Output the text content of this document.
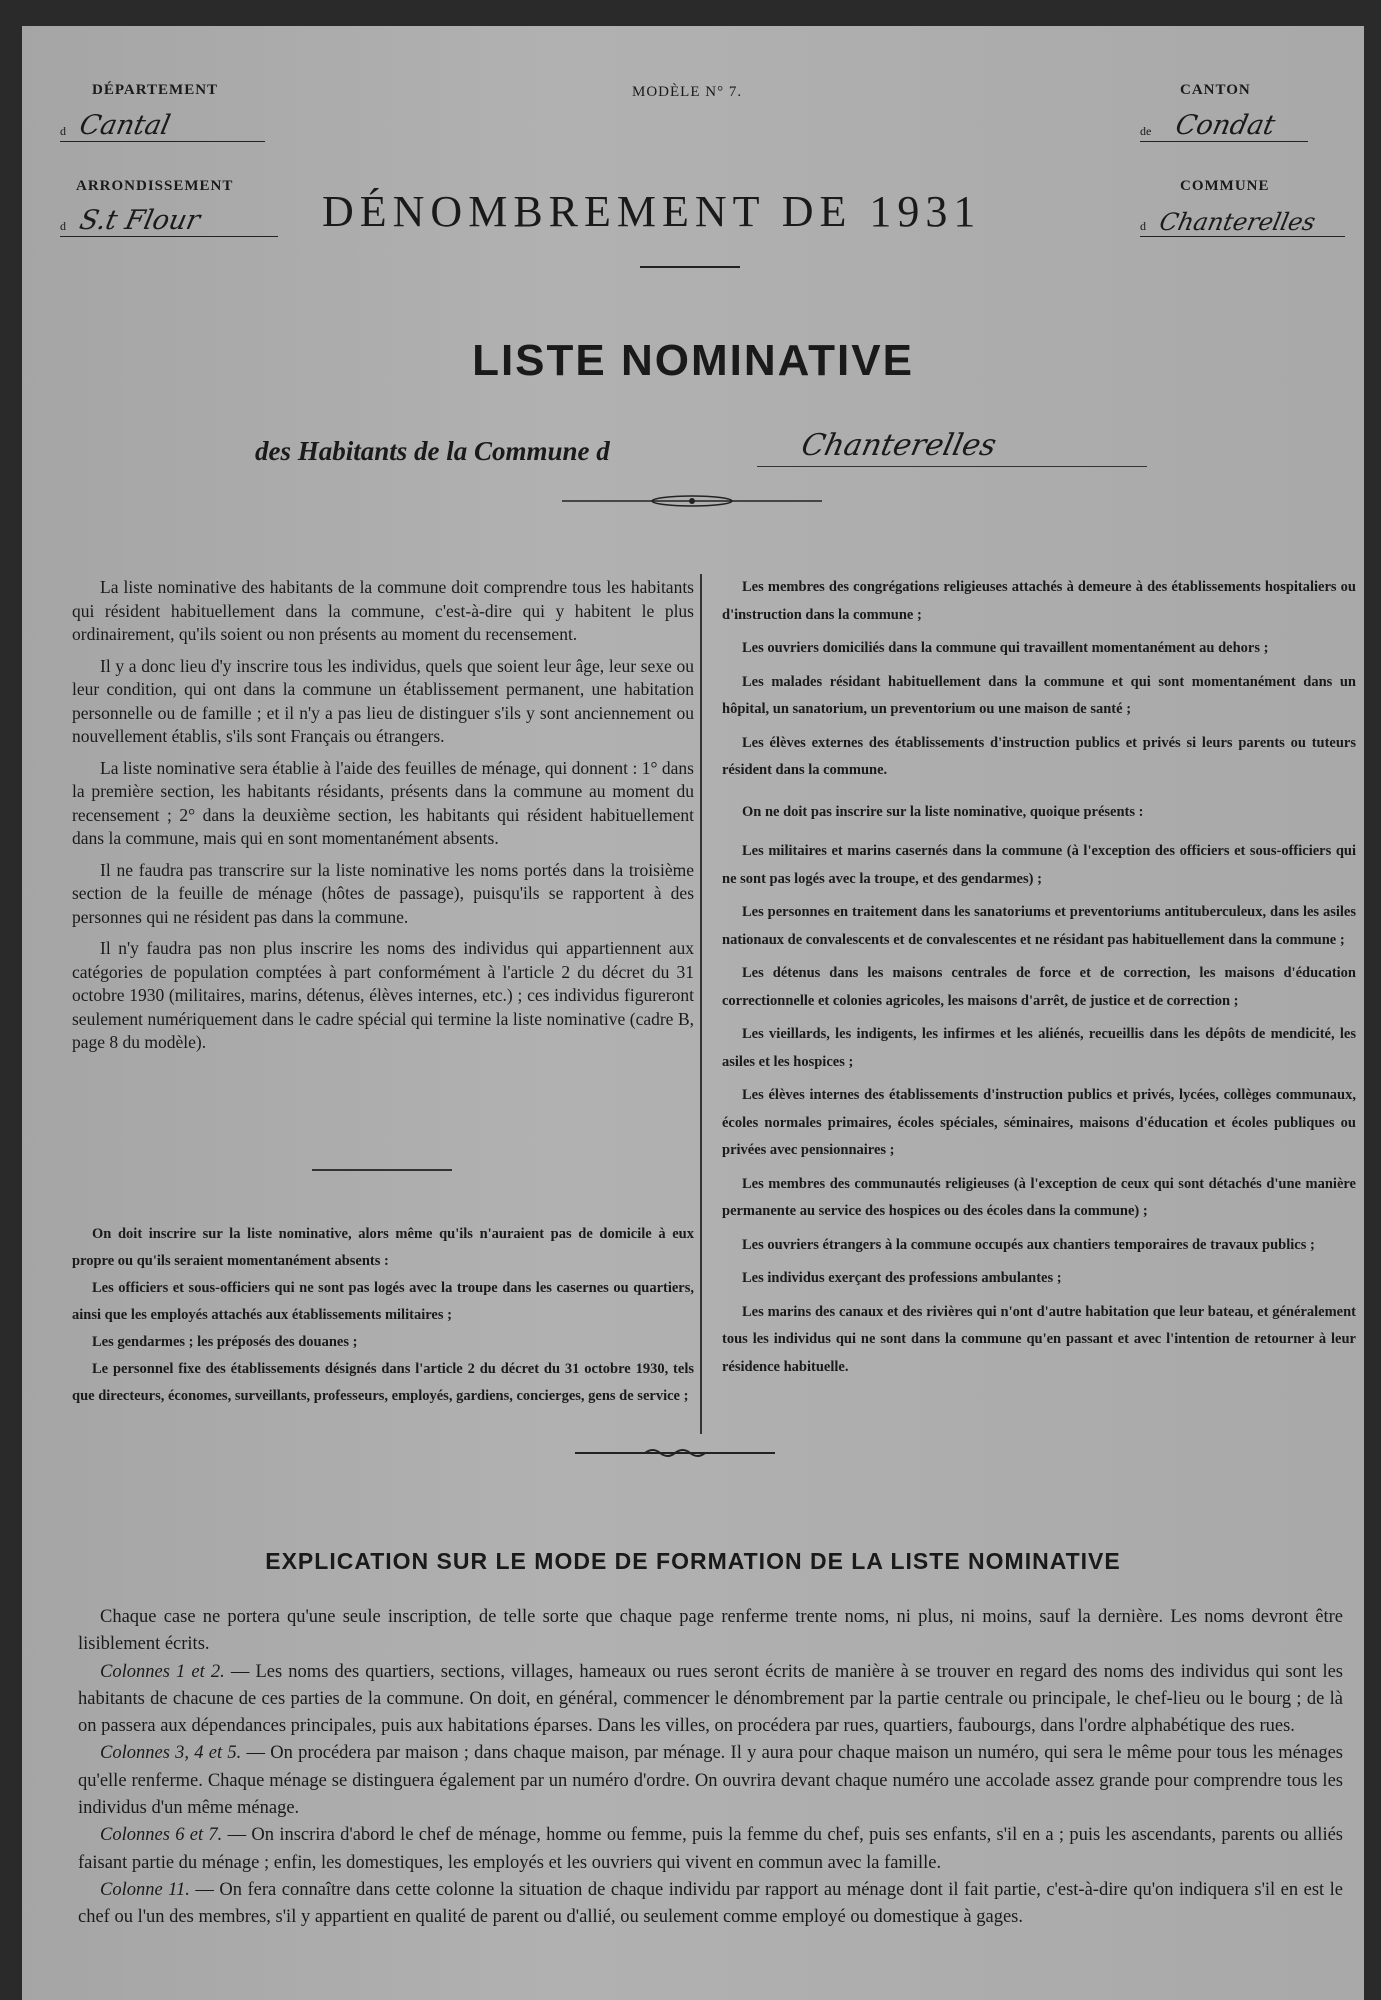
DÉPARTEMENT
d Cantal
ARRONDISSEMENT
d S.t Flour
MODÈLE N° 7.	CANTON
de Condat
COMMUNE
d Chanterelles
DÉNOMBREMENT DE 1931
LISTE NOMINATIVE
des Habitants de la Commune d	Chanterelles

La liste nominative des habitants de la commune doit comprendre tous les habitants qui résident habituellement dans la commune, c'est-à-dire qui y habitent le plus ordinairement, qu'ils soient ou non présents au moment du recensement.

Il y a donc lieu d'y inscrire tous les individus, quels que soient leur âge, leur sexe ou leur condition, qui ont dans la commune un établissement permanent, une habitation personnelle ou de famille ; et il n'y a pas lieu de distinguer s'ils y sont anciennement ou nouvellement établis, s'ils sont Français ou étrangers.

La liste nominative sera établie à l'aide des feuilles de ménage, qui donnent : 1° dans la première section, les habitants résidants, présents dans la commune au moment du recensement ; 2° dans la deuxième section, les habitants qui résident habituellement dans la commune, mais qui en sont momentanément absents.

Il ne faudra pas transcrire sur la liste nominative les noms portés dans la troisième section de la feuille de ménage (hôtes de passage), puisqu'ils se rapportent à des personnes qui ne résident pas dans la commune.

Il n'y faudra pas non plus inscrire les noms des individus qui appartiennent aux catégories de population comptées à part conformément à l'article 2 du décret du 31 octobre 1930 (militaires, marins, détenus, élèves internes, etc.) ; ces individus figureront seulement numériquement dans le cadre spécial qui termine la liste nominative (cadre B, page 8 du modèle).

On doit inscrire sur la liste nominative, alors même qu'ils n'auraient pas de domicile à eux propre ou qu'ils seraient momentanément absents :

Les officiers et sous-officiers qui ne sont pas logés avec la troupe dans les casernes ou quartiers, ainsi que les employés attachés aux établissements militaires ;

Les gendarmes ; les préposés des douanes ;

Le personnel fixe des établissements désignés dans l'article 2 du décret du 31 octobre 1930, tels que directeurs, économes, surveillants, professeurs, employés, gardiens, concierges, gens de service ;

Les membres des congrégations religieuses attachés à demeure à des établissements hospitaliers ou d'instruction dans la commune ;

Les ouvriers domiciliés dans la commune qui travaillent momentanément au dehors ;

Les malades résidant habituellement dans la commune et qui sont momentanément dans un hôpital, un sanatorium, un preventorium ou une maison de santé ;

Les élèves externes des établissements d'instruction publics et privés si leurs parents ou tuteurs résident dans la commune.

On ne doit pas inscrire sur la liste nominative, quoique présents :

Les militaires et marins casernés dans la commune (à l'exception des officiers et sous-officiers qui ne sont pas logés avec la troupe, et des gendarmes) ;

Les personnes en traitement dans les sanatoriums et preventoriums antituberculeux, dans les asiles nationaux de convalescents et de convalescentes et ne résidant pas habituellement dans la commune ;

Les détenus dans les maisons centrales de force et de correction, les maisons d'éducation correctionnelle et colonies agricoles, les maisons d'arrêt, de justice et de correction ;

Les vieillards, les indigents, les infirmes et les aliénés, recueillis dans les dépôts de mendicité, les asiles et les hospices ;

Les élèves internes des établissements d'instruction publics et privés, lycées, collèges communaux, écoles normales primaires, écoles spéciales, séminaires, maisons d'éducation et écoles publiques ou privées avec pensionnaires ;

Les membres des communautés religieuses (à l'exception de ceux qui sont détachés d'une manière permanente au service des hospices ou des écoles dans la commune) ;

Les ouvriers étrangers à la commune occupés aux chantiers temporaires de travaux publics ;

Les individus exerçant des professions ambulantes ;

Les marins des canaux et des rivières qui n'ont d'autre habitation que leur bateau, et généralement tous les individus qui ne sont dans la commune qu'en passant et avec l'intention de retourner à leur résidence habituelle.

EXPLICATION SUR LE MODE DE FORMATION DE LA LISTE NOMINATIVE

Chaque case ne portera qu'une seule inscription, de telle sorte que chaque page renferme trente noms, ni plus, ni moins, sauf la dernière. Les noms devront être lisiblement écrits.

Colonnes 1 et 2. — Les noms des quartiers, sections, villages, hameaux ou rues seront écrits de manière à se trouver en regard des noms des individus qui sont les habitants de chacune de ces parties de la commune. On doit, en général, commencer le dénombrement par la partie centrale ou principale, le chef-lieu ou le bourg ; de là on passera aux dépendances principales, puis aux habitations éparses. Dans les villes, on procédera par rues, quartiers, faubourgs, dans l'ordre alphabétique des rues.

Colonnes 3, 4 et 5. — On procédera par maison ; dans chaque maison, par ménage. Il y aura pour chaque maison un numéro, qui sera le même pour tous les ménages qu'elle renferme. Chaque ménage se distinguera également par un numéro d'ordre. On ouvrira devant chaque numéro une accolade assez grande pour comprendre tous les individus d'un même ménage.

Colonnes 6 et 7. — On inscrira d'abord le chef de ménage, homme ou femme, puis la femme du chef, puis ses enfants, s'il en a ; puis les ascendants, parents ou alliés faisant partie du ménage ; enfin, les domestiques, les employés et les ouvriers qui vivent en commun avec la famille.

Colonne 11. — On fera connaître dans cette colonne la situation de chaque individu par rapport au ménage dont il fait partie, c'est-à-dire qu'on indiquera s'il en est le chef ou l'un des membres, s'il y appartient en qualité de parent ou d'allié, ou seulement comme employé ou domestique à gages.
